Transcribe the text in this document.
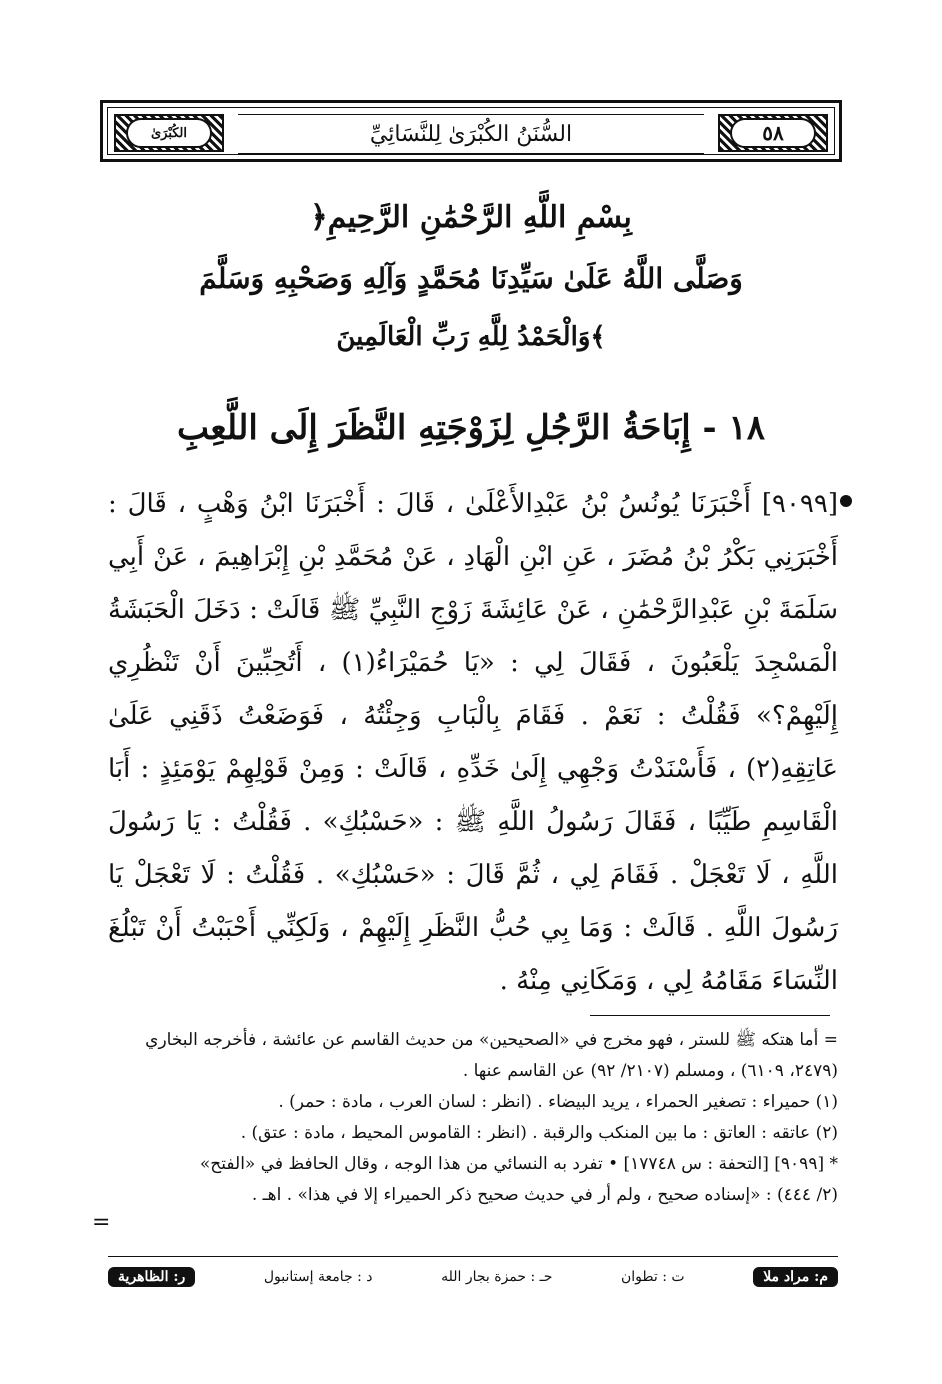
الكُبْرَىٰ	٥٨
السُّنَنُ الكُبْرَىٰ لِلنَّسَائِيِّ
﴿بِسْمِ اللَّهِ الرَّحْمَٰنِ الرَّحِيمِ
وَصَلَّى اللَّهُ عَلَىٰ سَيِّدِنَا مُحَمَّدٍ وَآلِهِ وَصَحْبِهِ وَسَلَّمَ
وَالْحَمْدُ لِلَّهِ رَبِّ الْعَالَمِينَ﴾
١٨ - إِبَاحَةُ الرَّجُلِ لِزَوْجَتِهِ النَّظَرَ إِلَى اللَّعِبِ
[٩٠٩٩] أَخْبَرَنَا يُونُسُ بْنُ عَبْدِالأَعْلَىٰ ، قَالَ : أَخْبَرَنَا ابْنُ وَهْبٍ ، قَالَ : أَخْبَرَنِي بَكْرُ بْنُ مُضَرَ ، عَنِ ابْنِ الْهَادِ ، عَنْ مُحَمَّدِ بْنِ إِبْرَاهِيمَ ، عَنْ أَبِي سَلَمَةَ بْنِ عَبْدِالرَّحْمَٰنِ ، عَنْ عَائِشَةَ زَوْجِ النَّبِيِّ ﷺ قَالَتْ : دَخَلَ الْحَبَشَةُ الْمَسْجِدَ يَلْعَبُونَ ، فَقَالَ لِي : «يَا حُمَيْرَاءُ(١) ، أَتُحِبِّينَ أَنْ تَنْظُرِي إِلَيْهِمْ؟» فَقُلْتُ : نَعَمْ . فَقَامَ بِالْبَابِ وَجِئْتُهُ ، فَوَضَعْتُ ذَقَنِي عَلَىٰ عَاتِقِهِ(٢) ، فَأَسْنَدْتُ وَجْهِي إِلَىٰ خَدِّهِ ، قَالَتْ : وَمِنْ قَوْلِهِمْ يَوْمَئِذٍ : أَبَا الْقَاسِمِ طَيِّبًا ، فَقَالَ رَسُولُ اللَّهِ ﷺ : «حَسْبُكِ» . فَقُلْتُ : يَا رَسُولَ اللَّهِ ، لَا تَعْجَلْ . فَقَامَ لِي ، ثُمَّ قَالَ : «حَسْبُكِ» . فَقُلْتُ : لَا تَعْجَلْ يَا رَسُولَ اللَّهِ . قَالَتْ : وَمَا بِي حُبُّ النَّظَرِ إِلَيْهِمْ ، وَلَكِنِّي أَحْبَبْتُ أَنْ تَبْلُغَ النِّسَاءَ مَقَامُهُ لِي ، وَمَكَانِي مِنْهُ .
= أما هتكه ﷺ للستر ، فهو مخرج في «الصحيحين» من حديث القاسم عن عائشة ، فأخرجه البخاري (٢٤٧٩، ٦١٠٩) ، ومسلم (٢١٠٧/ ٩٢) عن القاسم عنها .
(١) حميراء : تصغير الحمراء ، يريد البيضاء . (انظر : لسان العرب ، مادة : حمر) .
(٢) عاتقه : العاتق : ما بين المنكب والرقبة . (انظر : القاموس المحيط ، مادة : عتق) .
* [٩٠٩٩] [التحفة : س ١٧٧٤٨] • تفرد به النسائي من هذا الوجه ، وقال الحافظ في «الفتح»
(٢/ ٤٤٤) : «إسناده صحيح ، ولم أر في حديث صحيح ذكر الحميراء إلا في هذا» . اهـ .
=
م: مراد ملا
ت : تطوان
حـ : حمزة بجار الله
د : جامعة إستانبول
ر: الظاهرية
